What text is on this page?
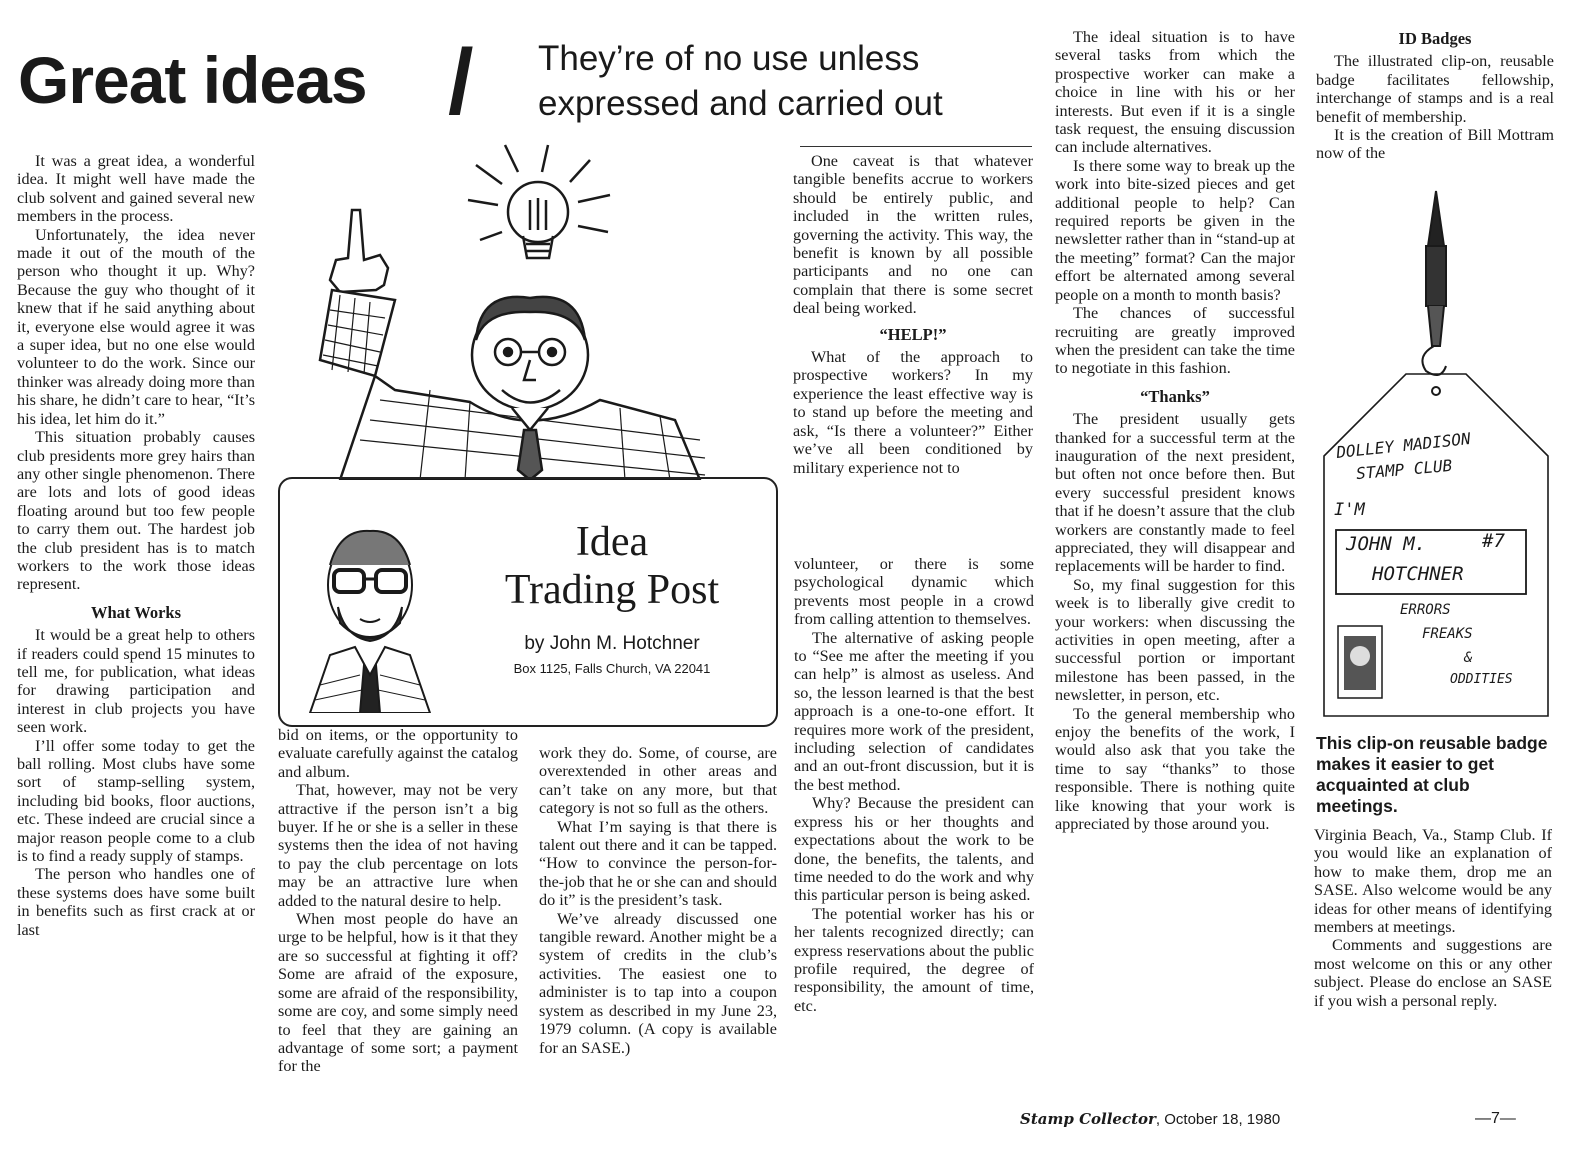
Great ideas / They’re of no use unless
expressed and carried out
Idea
Trading Post
by John M. Hotchner
Box 1125, Falls Church, VA 22041

It was a great idea, a wonderful idea. It might well have made the club solvent and gained several new members in the process.

Unfortunately, the idea never made it out of the mouth of the person who thought it up. Why? Because the guy who thought of it knew that if he said anything about it, everyone else would agree it was a super idea, but no one else would volunteer to do the work. Since our thinker was already doing more than his share, he didn’t care to hear, “It’s his idea, let him do it.”

This situation probably causes club presidents more grey hairs than any other single phenomenon. There are lots and lots of good ideas floating around but too few people to carry them out. The hardest job the club president has is to match workers to the work those ideas represent.

What Works

It would be a great help to others if readers could spend 15 minutes to tell me, for publication, what ideas for drawing participation and interest in club projects you have seen work.

I’ll offer some today to get the ball rolling. Most clubs have some sort of stamp-selling system, including bid books, floor auctions, etc. These indeed are crucial since a major reason people come to a club is to find a ready supply of stamps.

The person who handles one of these systems does have some built in benefits such as first crack at or last

bid on items, or the opportunity to evaluate carefully against the catalog and album.

That, however, may not be very attractive if the person isn’t a big buyer. If he or she is a seller in these systems then the idea of not having to pay the club percentage on lots may be an attractive lure when added to the natural desire to help.

When most people do have an urge to be helpful, how is it that they are so successful at fighting it off? Some are afraid of the exposure, some are afraid of the responsibility, some are coy, and some simply need to feel that they are gaining an advantage of some sort; a payment for the

work they do. Some, of course, are overextended in other areas and can’t take on any more, but that category is not so full as the others.

What I’m saying is that there is talent out there and it can be tapped. “How to convince the person-for-the-job that he or she can and should do it” is the president’s task.

We’ve already discussed one tangible reward. Another might be a system of credits in the club’s activities. The easiest one to administer is to tap into a coupon system as described in my June 23, 1979 column. (A copy is available for an SASE.)

One caveat is that whatever tangible benefits accrue to workers should be entirely public, and included in the written rules, governing the activity. This way, the benefit is known by all possible participants and no one can complain that there is some secret deal being worked.

“HELP!”

What of the approach to prospective workers? In my experience the least effective way is to stand up before the meeting and ask, “Is there a volunteer?” Either we’ve all been conditioned by military experience not to

volunteer, or there is some psychological dynamic which prevents most people in a crowd from calling attention to themselves.

The alternative of asking people to “See me after the meeting if you can help” is almost as useless. And so, the lesson learned is that the best approach is a one-to-one effort. It requires more work of the president, including selection of candidates and an out-front discussion, but it is the best method.

Why? Because the president can express his or her thoughts and expectations about the work to be done, the benefits, the talents, and time needed to do the work and why this particular person is being asked.

The potential worker has his or her talents recognized directly; can express reservations about the public profile required, the degree of responsibility, the amount of time, etc.

The ideal situation is to have several tasks from which the prospective worker can make a choice in line with his or her interests. But even if it is a single task request, the ensuing discussion can include alternatives.

Is there some way to break up the work into bite-sized pieces and get additional people to help? Can required reports be given in the newsletter rather than in “stand-up at the meeting” format? Can the major effort be alternated among several people on a month to month basis?

The chances of successful recruiting are greatly improved when the president can take the time to negotiate in this fashion.

“Thanks”

The president usually gets thanked for a successful term at the inauguration of the next president, but often not once before then. But every successful president knows that if he doesn’t assure that the club workers are constantly made to feel appreciated, they will disappear and replacements will be harder to find.

So, my final suggestion for this week is to liberally give credit to your workers: when discussing the activities in open meeting, after a successful portion or important milestone has been passed, in the newsletter, in person, etc.

To the general membership who enjoy the benefits of the work, I would also ask that you take the time to say “thanks” to those responsible. There is nothing quite like knowing that your work is appreciated by those around you.

ID Badges

The illustrated clip-on, reusable badge facilitates fellowship, interchange of stamps and is a real benefit of membership.

It is the creation of Bill Mottram now of the

DOLLEY MADISON
STAMP CLUB
I'M
JOHN M.	#7
HOTCHNER
ERRORS
FREAKS
&
ODDITIES
This clip-on reusable badge makes it easier to get acquainted at club meetings.

Virginia Beach, Va., Stamp Club. If you would like an explanation of how to make them, drop me an SASE. Also welcome would be any ideas for other means of identifying members at meetings.

Comments and suggestions are most welcome on this or any other subject. Please do enclose an SASE if you wish a personal reply.

Stamp Collector, October 18, 1980	—7—
